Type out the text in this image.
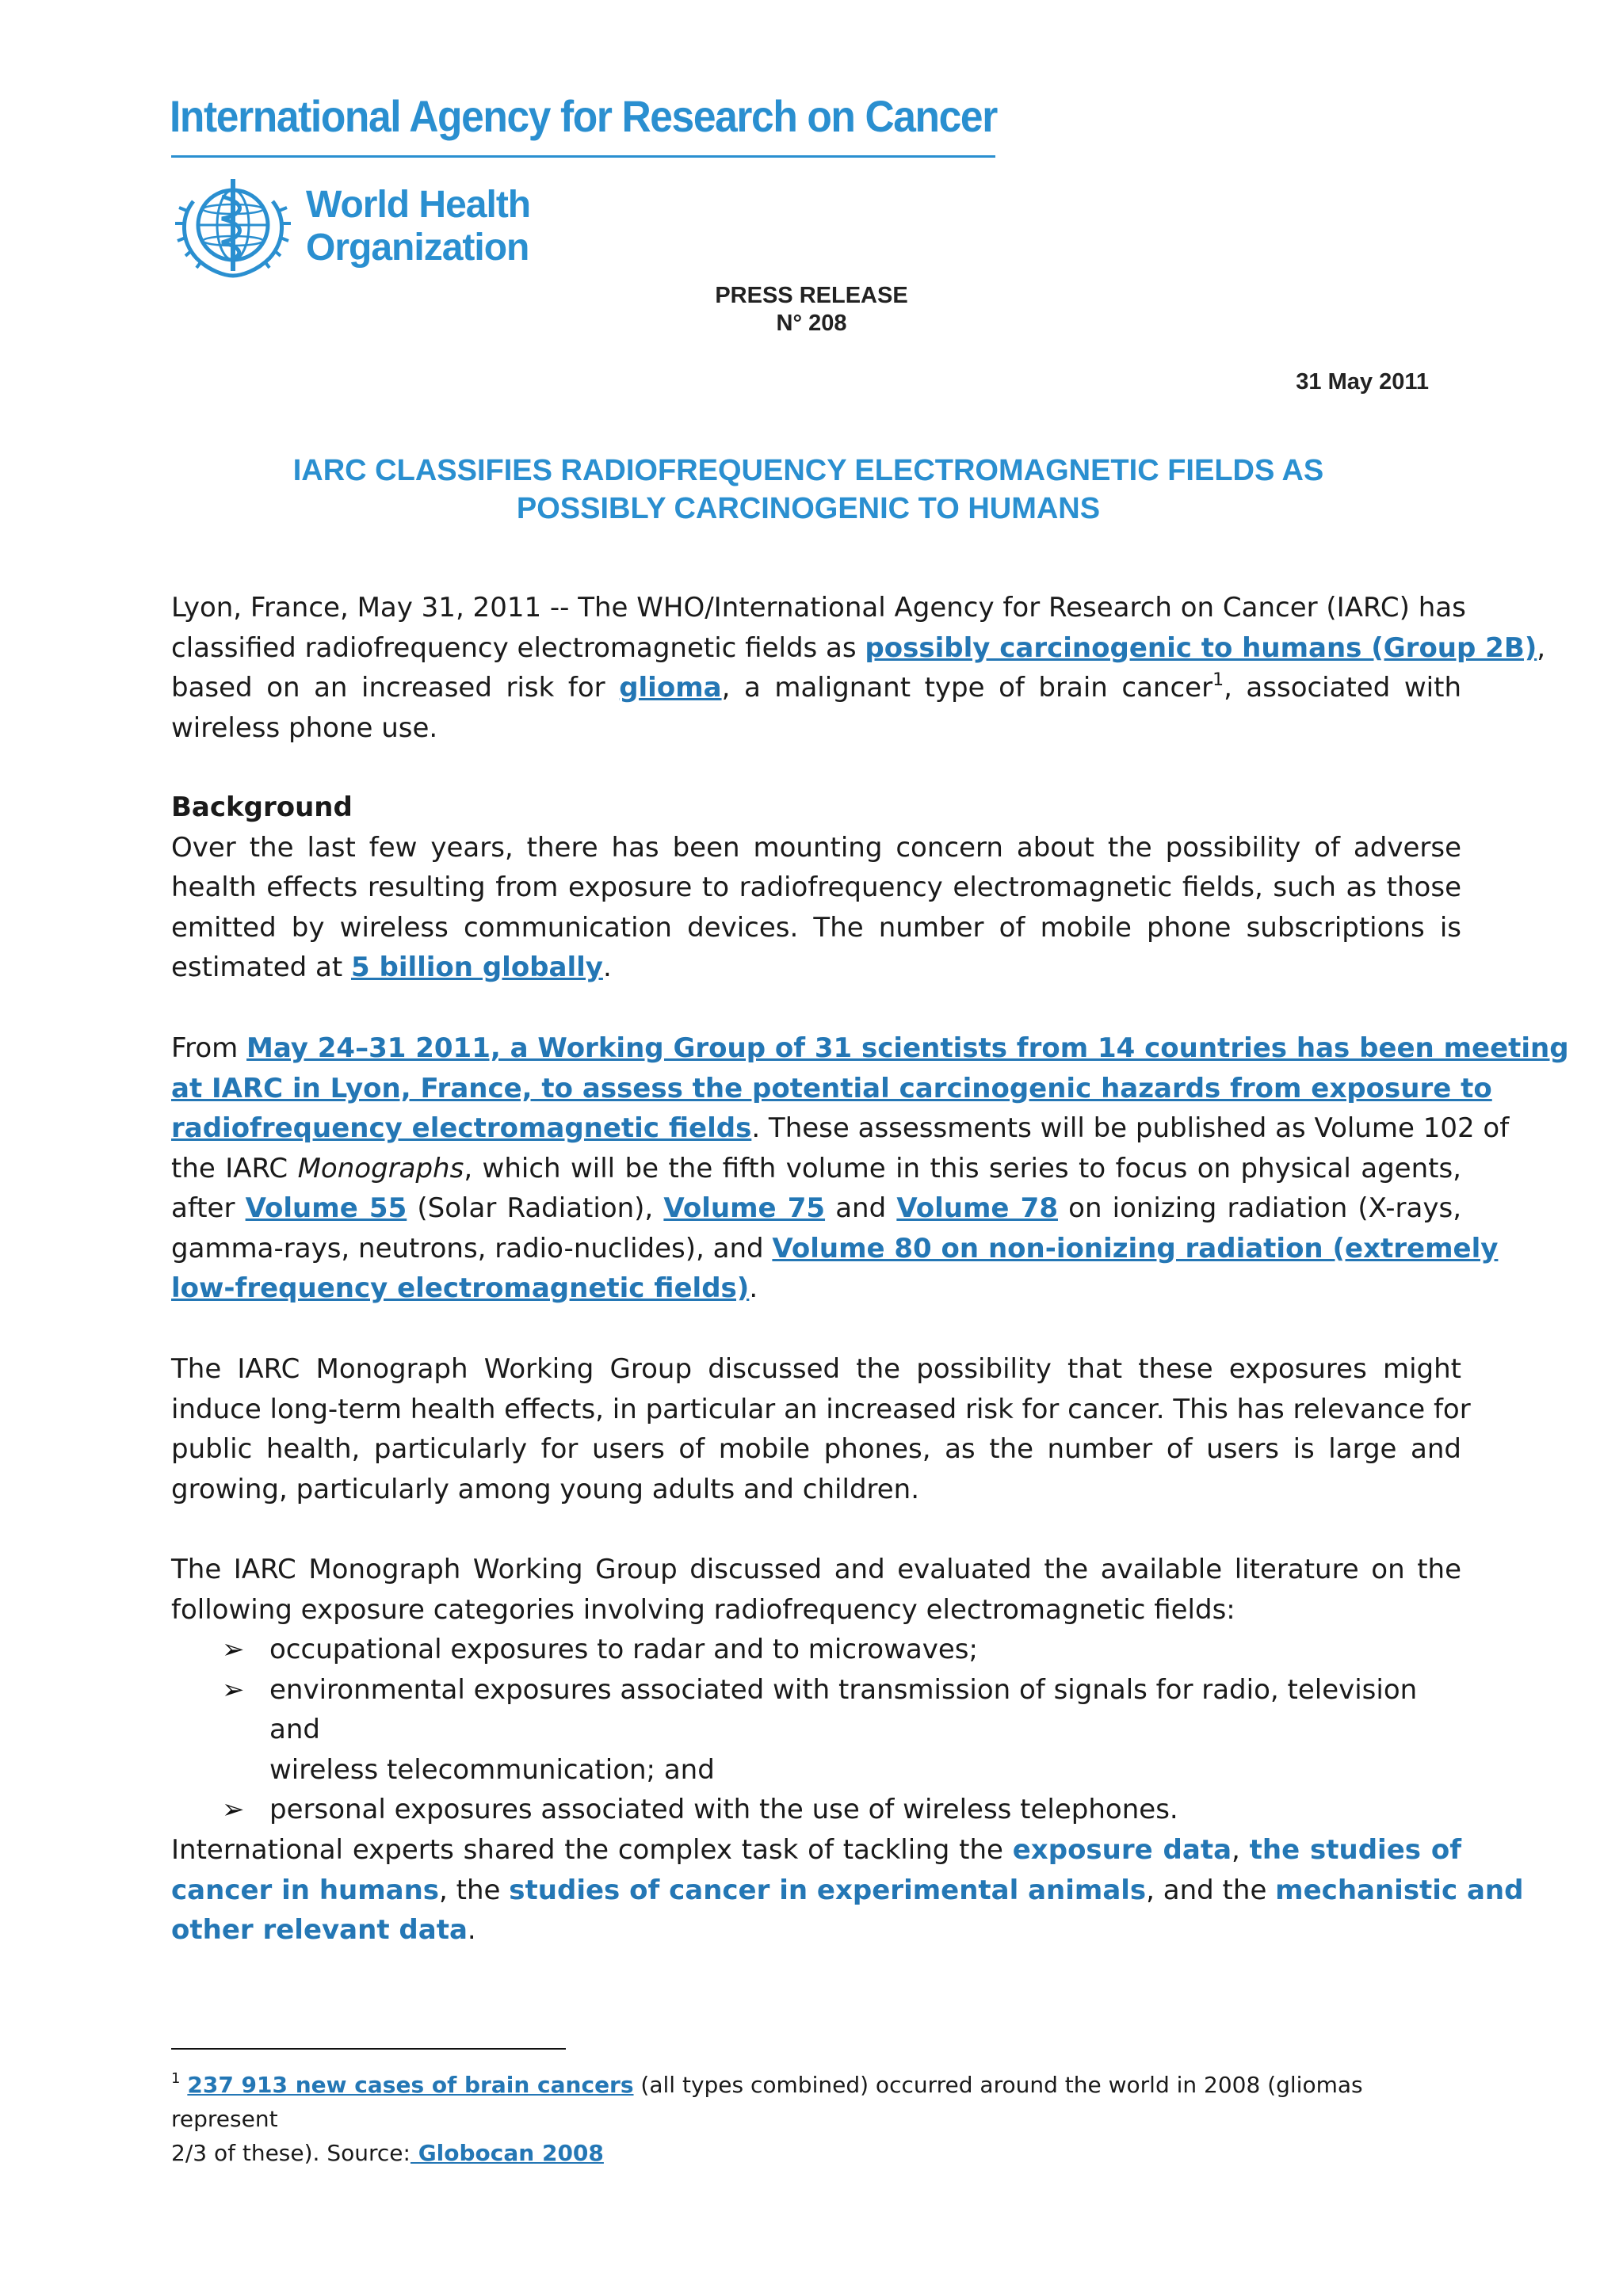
International Agency for Research on Cancer
World Health
Organization
PRESS RELEASE
N° 208
31 May 2011
IARC CLASSIFIES RADIOFREQUENCY ELECTROMAGNETIC FIELDS AS
POSSIBLY CARCINOGENIC TO HUMANS
Lyon, France, May 31, 2011 -- The WHO/International Agency for Research on Cancer (IARC) has
classified radiofrequency electromagnetic fields as possibly carcinogenic to humans (Group 2B),
based on an increased risk for glioma, a malignant type of brain cancer$^1$, associated with
wireless phone use.
Background
Over the last few years, there has been mounting concern about the possibility of adverse
health effects resulting from exposure to radiofrequency electromagnetic fields, such as those
emitted by wireless communication devices. The number of mobile phone subscriptions is
estimated at 5 billion globally.
From May 24–31 2011, a Working Group of 31 scientists from 14 countries has been meeting
at IARC in Lyon, France, to assess the potential carcinogenic hazards from exposure to
radiofrequency electromagnetic fields. These assessments will be published as Volume 102 of
the IARC Monographs, which will be the fifth volume in this series to focus on physical agents,
after Volume 55 (Solar Radiation), Volume 75 and Volume 78 on ionizing radiation (X-rays,
gamma-rays, neutrons, radio-nuclides), and Volume 80 on non-ionizing radiation (extremely
low-frequency electromagnetic fields).
The IARC Monograph Working Group discussed the possibility that these exposures might
induce long-term health effects, in particular an increased risk for cancer. This has relevance for
public health, particularly for users of mobile phones, as the number of users is large and
growing, particularly among young adults and children.
The IARC Monograph Working Group discussed and evaluated the available literature on the
following exposure categories involving radiofrequency electromagnetic fields:
➢ occupational exposures to radar and to microwaves;
➢ environmental exposures associated with transmission of signals for radio, television and
wireless telecommunication; and
➢ personal exposures associated with the use of wireless telephones.
International experts shared the complex task of tackling the exposure data, the studies of
cancer in humans, the studies of cancer in experimental animals, and the mechanistic and
other relevant data.
$^1$ 237 913 new cases of brain cancers (all types combined) occurred around the world in 2008 (gliomas represent
2/3 of these). Source: Globocan 2008
